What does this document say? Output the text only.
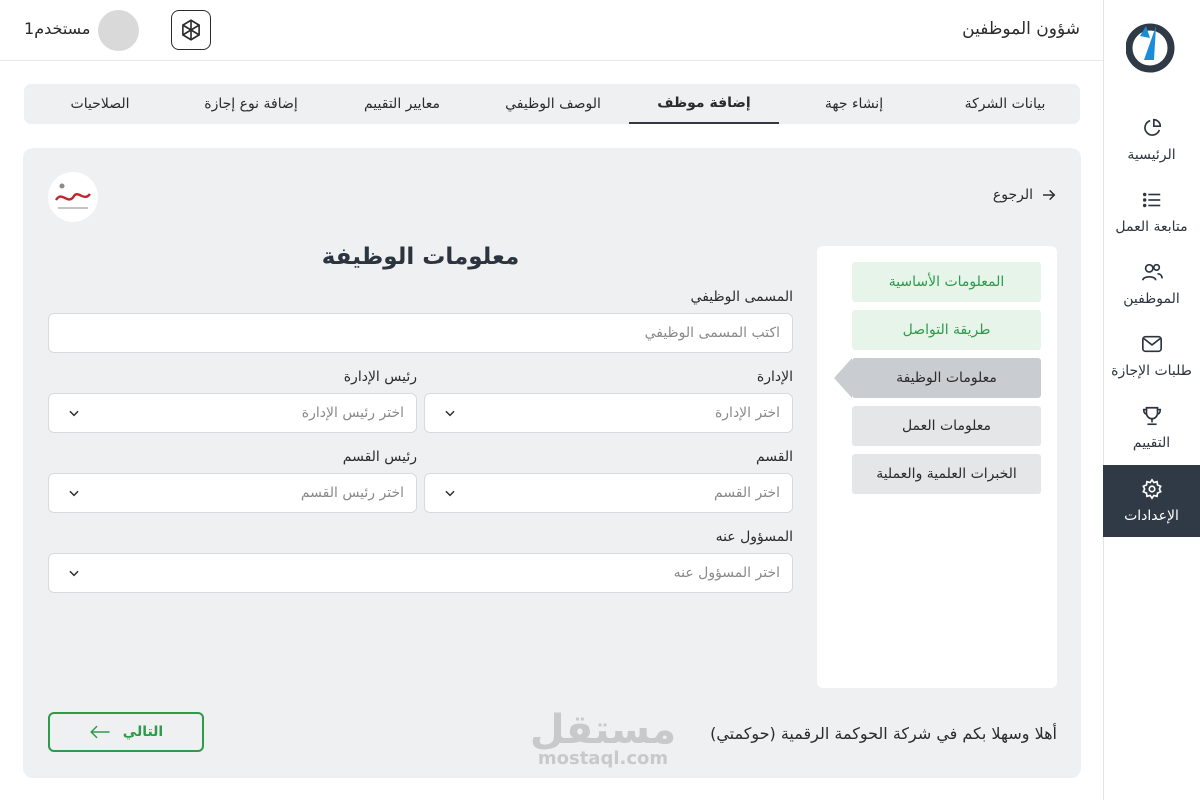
الرئيسية
متابعة العمل
الموظفين
طلبات الإجازة
التقييم
الإعدادات
شؤون الموظفين
مستخدم1
بيانات الشركة
إنشاء جهة
إضافة موظف
الوصف الوظيفي
معايير التقييم
إضافة نوع إجازة
الصلاحيات
الرجوع
المعلومات الأساسية
طريقة التواصل
معلومات الوظيفة
معلومات العمل
الخبرات العلمية والعملية
معلومات الوظيفة
المسمى الوظيفي
اكتب المسمى الوظيفي
الإدارة
اختر الإدارة
رئيس الإدارة
اختر رئيس الإدارة
القسم
اختر القسم
رئيس القسم
اختر رئيس القسم
المسؤول عنه
اختر المسؤول عنه
أهلا وسهلا بكم في شركة الحوكمة الرقمية (حوكمتي)
مستقل
mostaql.com
التالي
